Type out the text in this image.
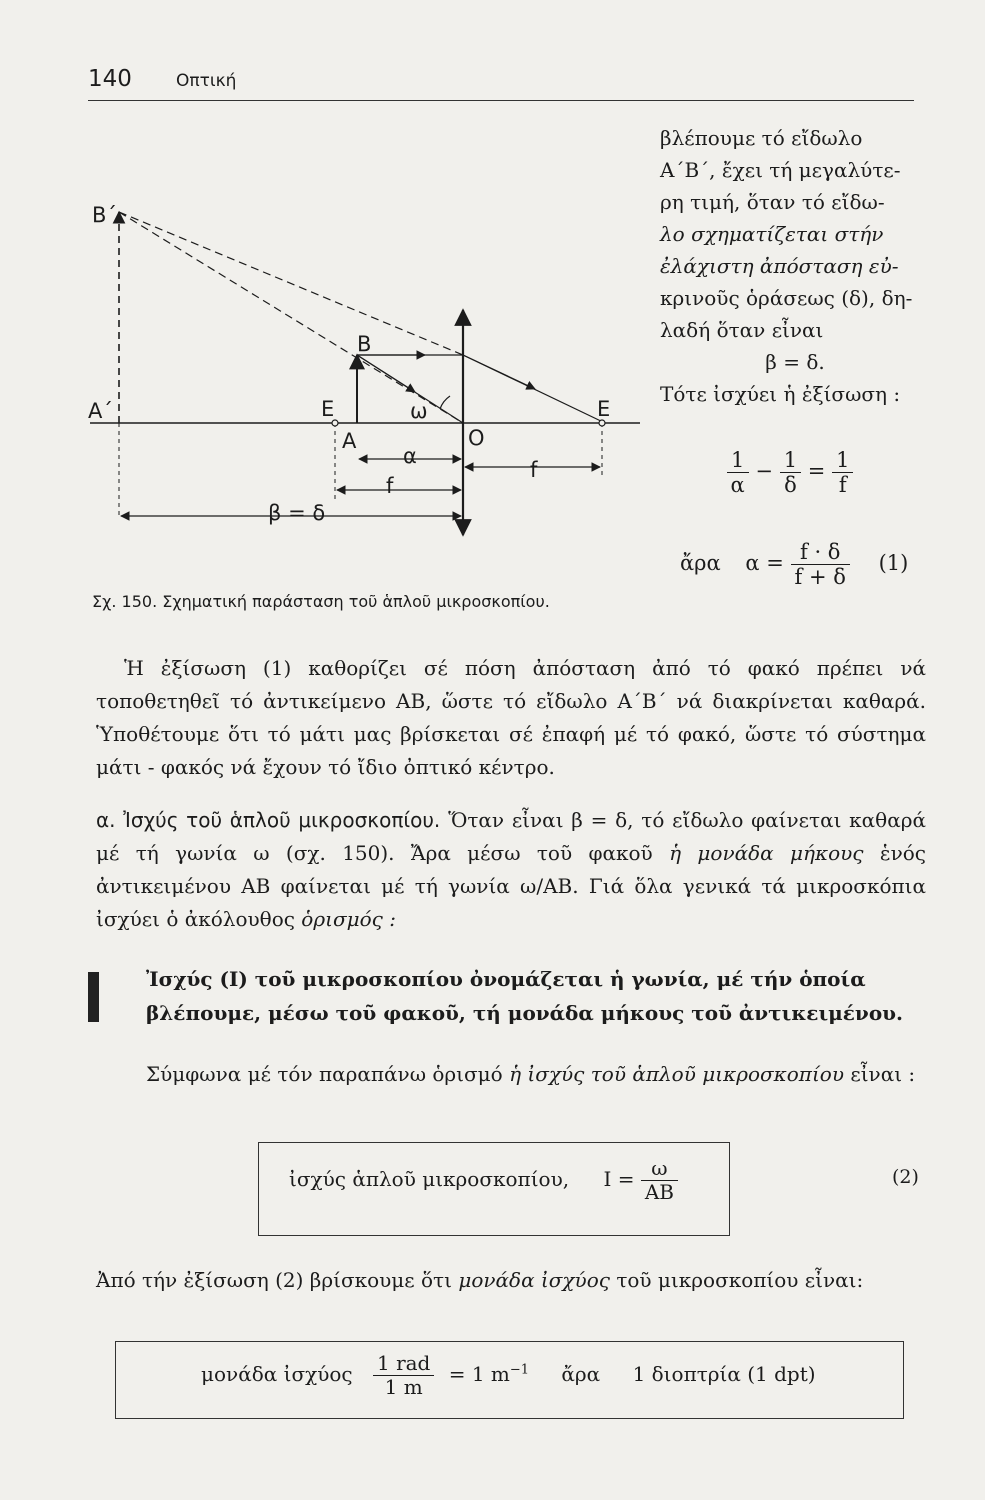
140	Οπτική

βλέπουμε τό εἴδωλο

Α΄Β΄, ἔχει τή μεγαλύτε-

ρη τιμή, ὅταν τό εἴδω-

λο σχηματίζεται στήν

ἐλάχιστη ἀπόσταση εὐ-

κρινοῦς ὁράσεως (δ), δη-

λαδή ὅταν εἶναι

β = δ.

Τότε ἰσχύει ἡ ἐξίσωση :

$\frac{1}{\alpha} - \frac{1}{\delta} = \frac{1}{f}$
ἄρα $\alpha = \frac{f \cdot \delta}{f + \delta} (1)$
Β΄
Α΄
Β
Α
Ε	Ε
Ο
ω
α
f
f
β = δ
Σχ. 150. Σχηματική παράσταση τοῦ ἁπλοῦ μικροσκοπίου.

Ἡ ἐξίσωση (1) καθορίζει σέ πόση ἀπόσταση ἀπό τό φακό πρέπει νά τοποθετηθεῖ τό ἀντικείμενο ΑΒ, ὥστε τό εἴδωλο Α΄Β΄ νά διακρίνεται καθαρά. Ὑποθέτουμε ὅτι τό μάτι μας βρίσκεται σέ ἐπαφή μέ τό φακό, ὥστε τό σύστημα μάτι - φακός νά ἔχουν τό ἴδιο ὀπτικό κέντρο.

α. Ἰσχύς τοῦ ἁπλοῦ μικροσκοπίου. Ὅταν εἶναι β = δ, τό εἴδωλο φαίνεται καθαρά μέ τή γωνία ω (σχ. 150). Ἄρα μέσω τοῦ φακοῦ ἡ μονάδα μήκους ἑνός ἀντικειμένου ΑΒ φαίνεται μέ τή γωνία ω/ΑΒ. Γιά ὅλα γενικά τά μικροσκόπια ἰσχύει ὁ ἀκόλουθος ὁρισμός :

Ἰσχύς (Ι) τοῦ μικροσκοπίου ὀνομάζεται ἡ γωνία, μέ τήν ὁποία βλέπουμε, μέσω τοῦ φακοῦ, τή μονάδα μήκους τοῦ ἀντικειμένου.

Σύμφωνα μέ τόν παραπάνω ὁρισμό ἡ ἰσχύς τοῦ ἁπλοῦ μικροσκοπίου εἶναι :

ἰσχύς ἁπλοῦ μικροσκοπίου, $I = \frac{\omega}{AB}$	(2)

Ἀπό τήν ἐξίσωση (2) βρίσκουμε ὅτι μονάδα ἰσχύος τοῦ μικροσκοπίου εἶναι:

μονάδα ἰσχύος $\frac{\text{1 rad}}{1 m} = 1$ $m^{-1}$ ἄρα 1 διοπτρία (1 dpt)
